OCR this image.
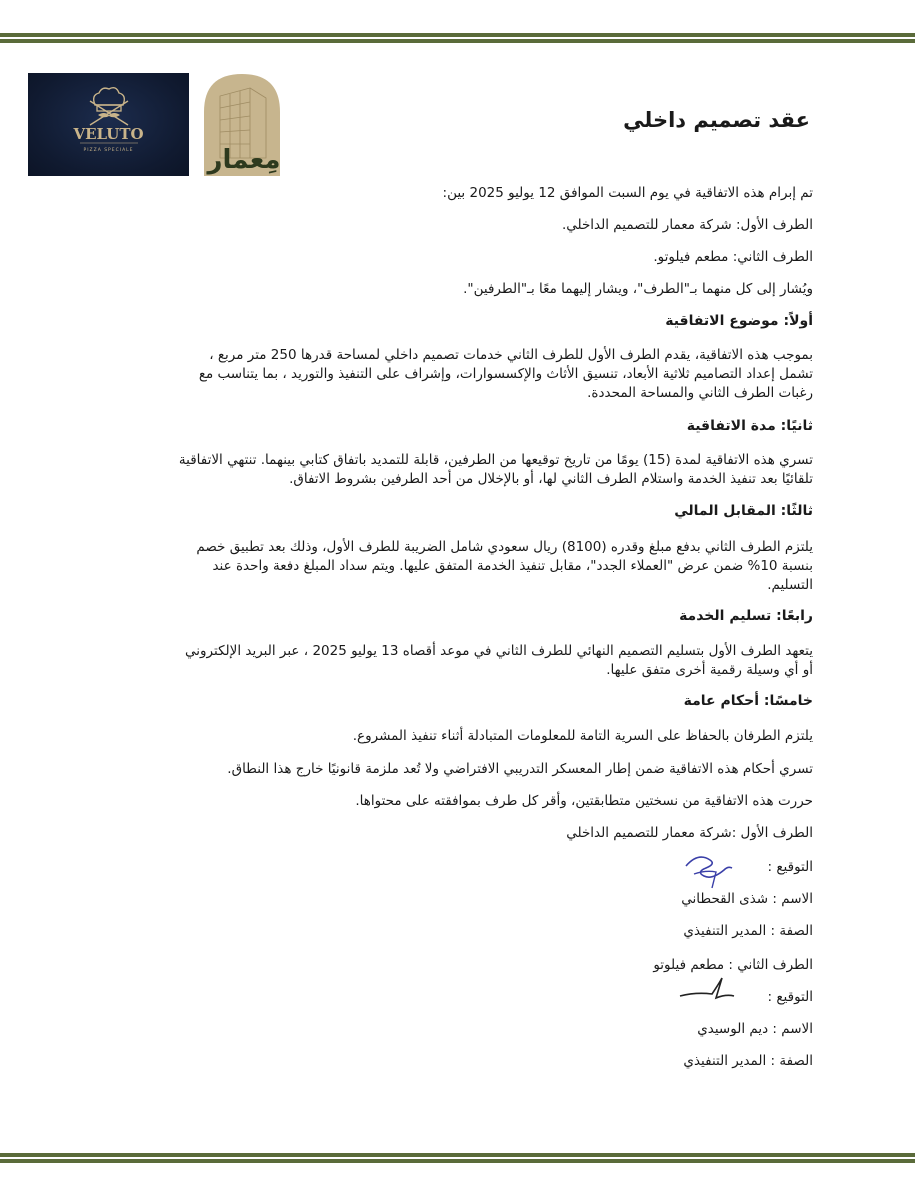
VELUTO
PIZZA SPECIALE	مِعمار
عقد تصميم داخلي
تم إبرام هذه الاتفاقية في يوم السبت الموافق 12 يوليو 2025 بين:
الطرف الأول: شركة معمار للتصميم الداخلي.
الطرف الثاني: مطعم فيلوتو.
ويُشار إلى كل منهما بـ"الطرف"، ويشار إليهما معًا بـ"الطرفين".
أولاً: موضوع الاتفاقية
بموجب هذه الاتفاقية، يقدم الطرف الأول للطرف الثاني خدمات تصميم داخلي لمساحة قدرها 250 متر مربع ، تشمل إعداد التصاميم ثلاثية الأبعاد، تنسيق الأثاث والإكسسوارات، وإشراف على التنفيذ والتوريد ، بما يتناسب مع رغبات الطرف الثاني والمساحة المحددة.
ثانيًا: مدة الاتفاقية
تسري هذه الاتفاقية لمدة (15) يومًا من تاريخ توقيعها من الطرفين، قابلة للتمديد باتفاق كتابي بينهما. تنتهي الاتفاقية تلقائيًا بعد تنفيذ الخدمة واستلام الطرف الثاني لها، أو بالإخلال من أحد الطرفين بشروط الاتفاق.
ثالثًا: المقابل المالي
يلتزم الطرف الثاني بدفع مبلغ وقدره (8100) ريال سعودي شامل الضريبة للطرف الأول، وذلك بعد تطبيق خصم بنسبة 10% ضمن عرض "العملاء الجدد"، مقابل تنفيذ الخدمة المتفق عليها. ويتم سداد المبلغ دفعة واحدة عند التسليم.
رابعًا: تسليم الخدمة
يتعهد الطرف الأول بتسليم التصميم النهائي للطرف الثاني في موعد أقصاه 13 يوليو 2025 ، عبر البريد الإلكتروني أو أي وسيلة رقمية أخرى متفق عليها.
خامسًا: أحكام عامة
يلتزم الطرفان بالحفاظ على السرية التامة للمعلومات المتبادلة أثناء تنفيذ المشروع.
تسري أحكام هذه الاتفاقية ضمن إطار المعسكر التدريبي الافتراضي ولا تُعد ملزمة قانونيًا خارج هذا النطاق.
حررت هذه الاتفاقية من نسختين متطابقتين، وأقر كل طرف بموافقته على محتواها.
الطرف الأول :شركة معمار للتصميم الداخلي
التوقيع :
الاسم : شذى القحطاني
الصفة : المدير التنفيذي
الطرف الثاني : مطعم فيلوتو
التوقيع :
الاسم : ديم الوسيدي
الصفة : المدير التنفيذي
